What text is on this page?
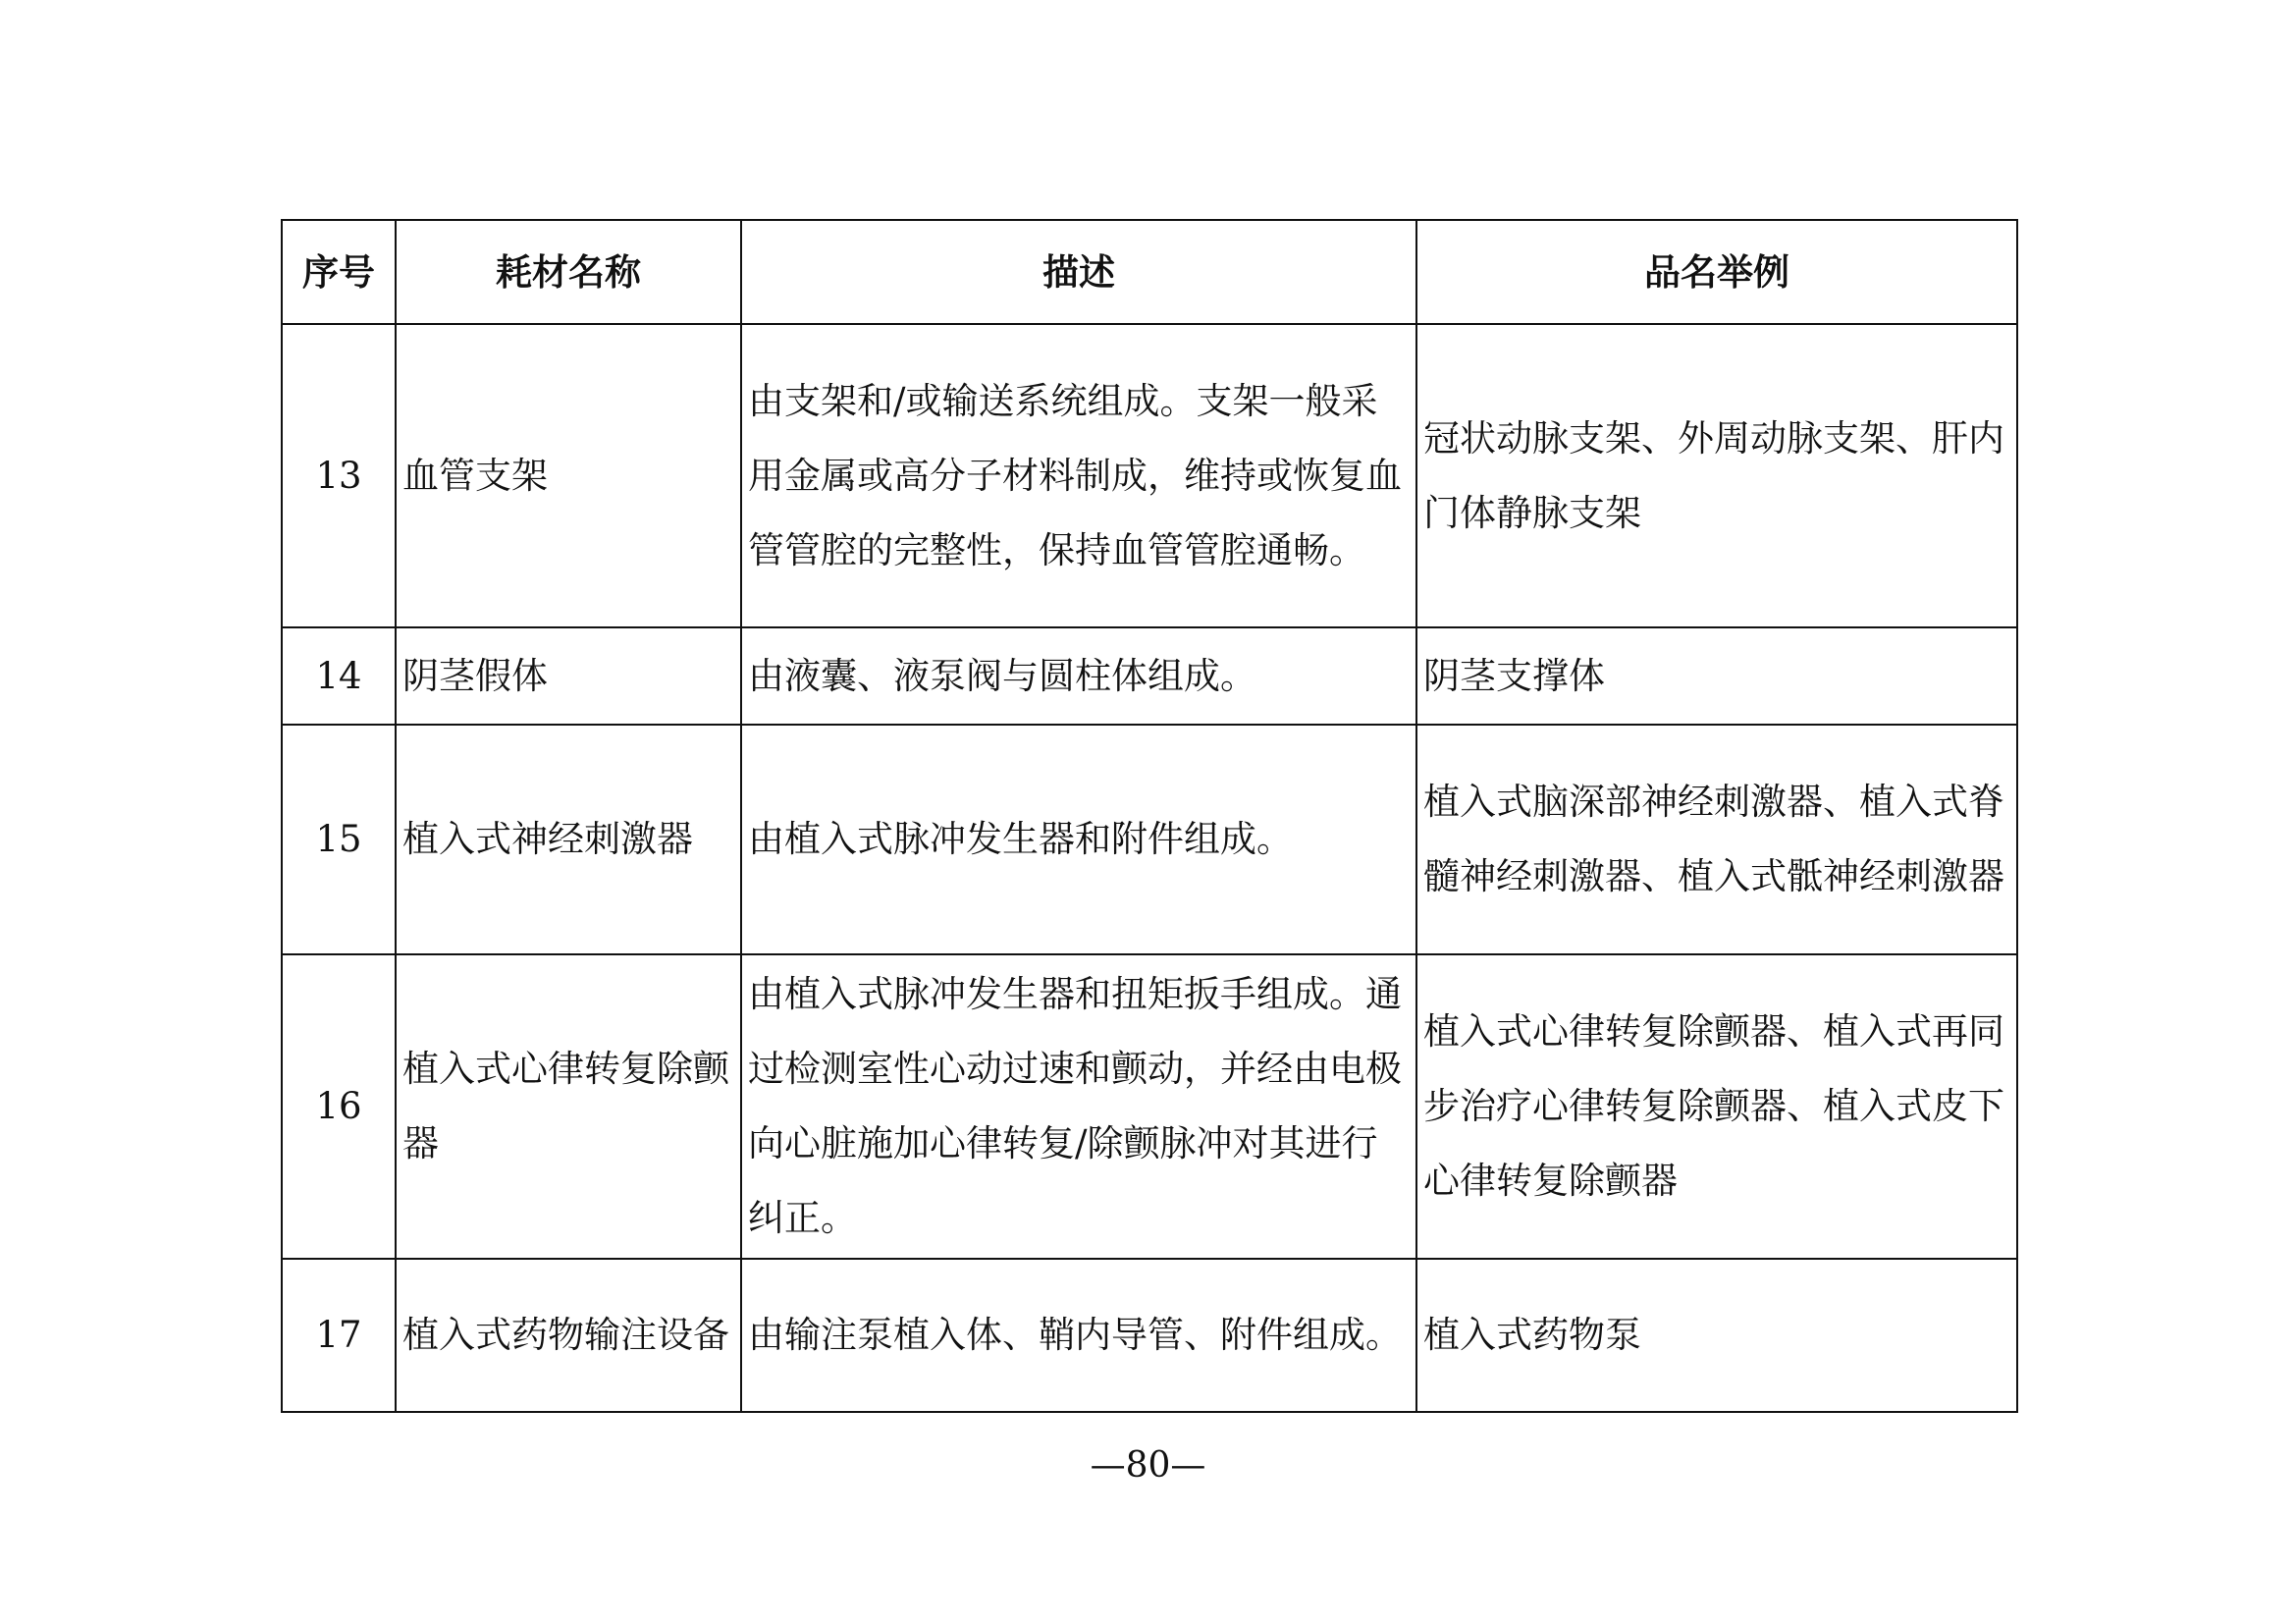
序号	耗材名称	描述	品名举例
13	血管支架	由支架和/或输送系统组成。支架一般采用金属或高分子材料制成，维持或恢复血管管腔的完整性，保持血管管腔通畅。	冠状动脉支架、外周动脉支架、肝内门体静脉支架
14	阴茎假体	由液囊、液泵阀与圆柱体组成。	阴茎支撑体
15	植入式神经刺激器	由植入式脉冲发生器和附件组成。	植入式脑深部神经刺激器、植入式脊髓神经刺激器、植入式骶神经刺激器
16	植入式心律转复除颤器	由植入式脉冲发生器和扭矩扳手组成。通过检测室性心动过速和颤动，并经由电极向心脏施加心律转复/除颤脉冲对其进行纠正。	植入式心律转复除颤器、植入式再同步治疗心律转复除颤器、植入式皮下心律转复除颤器
17	植入式药物输注设备	由输注泵植入体、鞘内导管、附件组成。	植入式药物泵
—80—
